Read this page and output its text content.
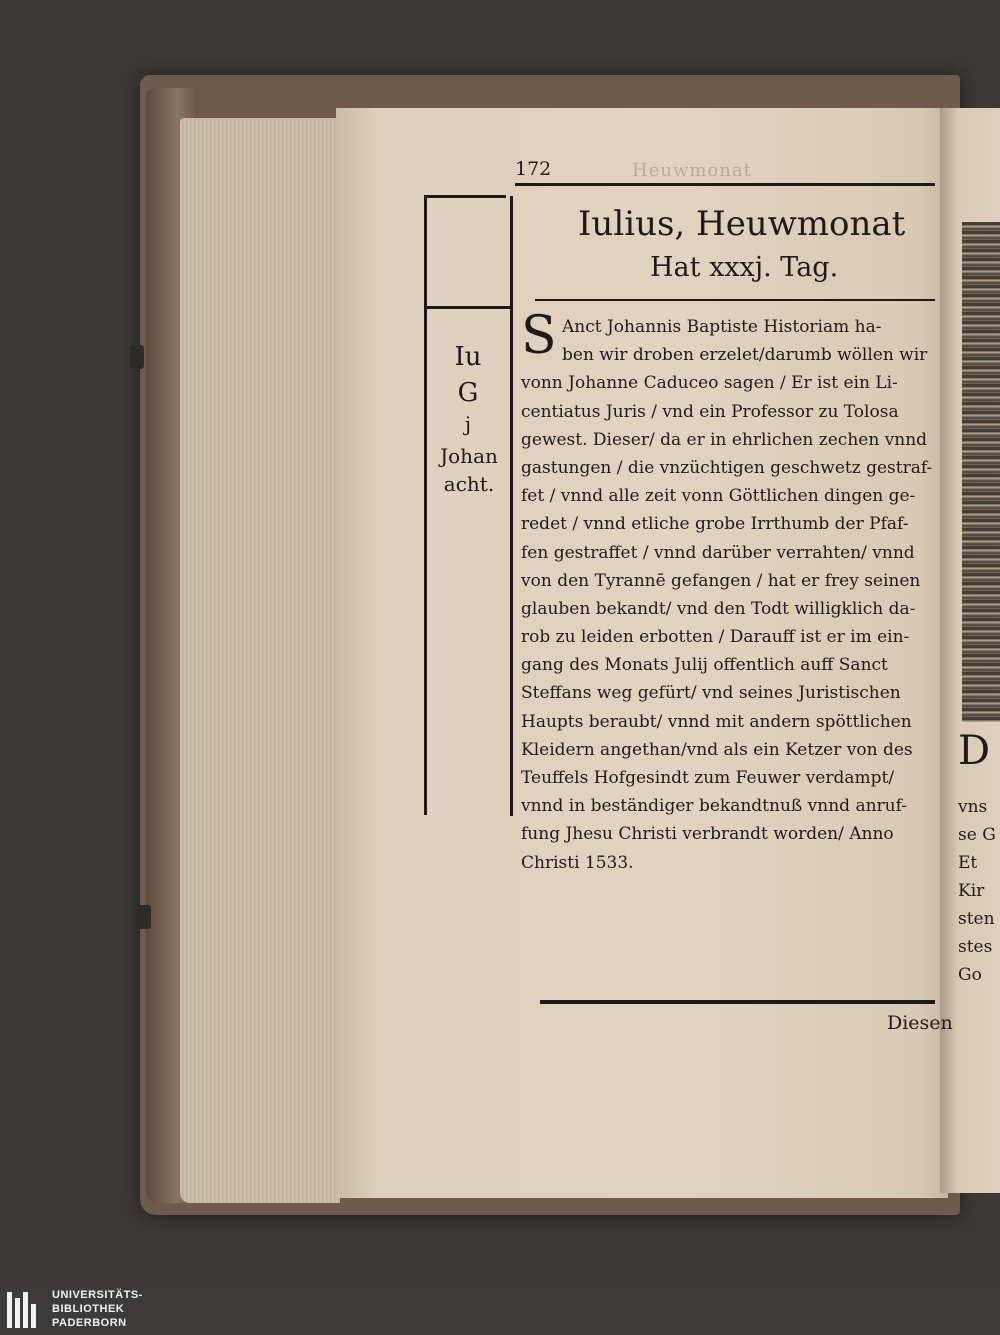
172	Heuwmonat
Iulius, Heuwmonat
Hat xxxj. Tag.
Iu
G
j
Johan
acht.
S Anct Johannis Baptiste Historiam ha-
ben wir droben erzelet/darumb wöllen wir
vonn Johanne Caduceo sagen / Er ist ein Li-
centiatus Juris / vnd ein Professor zu Tolosa
gewest. Dieser/ da er in ehrlichen zechen vnnd
gastungen / die vnzüchtigen geschwetz gestraf-
fet / vnnd alle zeit vonn Göttlichen dingen ge-
redet / vnnd etliche grobe Irrthumb der Pfaf-
fen gestraffet / vnnd darüber verrahten/ vnnd
von den Tyrannē gefangen / hat er frey seinen
glauben bekandt/ vnd den Todt willigklich da-
rob zu leiden erbotten / Darauff ist er im ein-
gang des Monats Julij offentlich auff Sanct
Steffans weg gefürt/ vnd seines Juristischen
Haupts beraubt/ vnnd mit andern spöttlichen
Kleidern angethan/vnd als ein Ketzer von des
Teuffels Hofgesindt zum Feuwer verdampt/
vnnd in beständiger bekandtnuß vnnd anruf-
fung Jhesu Christi verbrandt worden/ Anno
Christi 1533.
Diesen
D
vns
se G
Et
Kir
sten
stes
Go
UNIVERSITÄTS-
BIBLIOTHEK
PADERBORN
